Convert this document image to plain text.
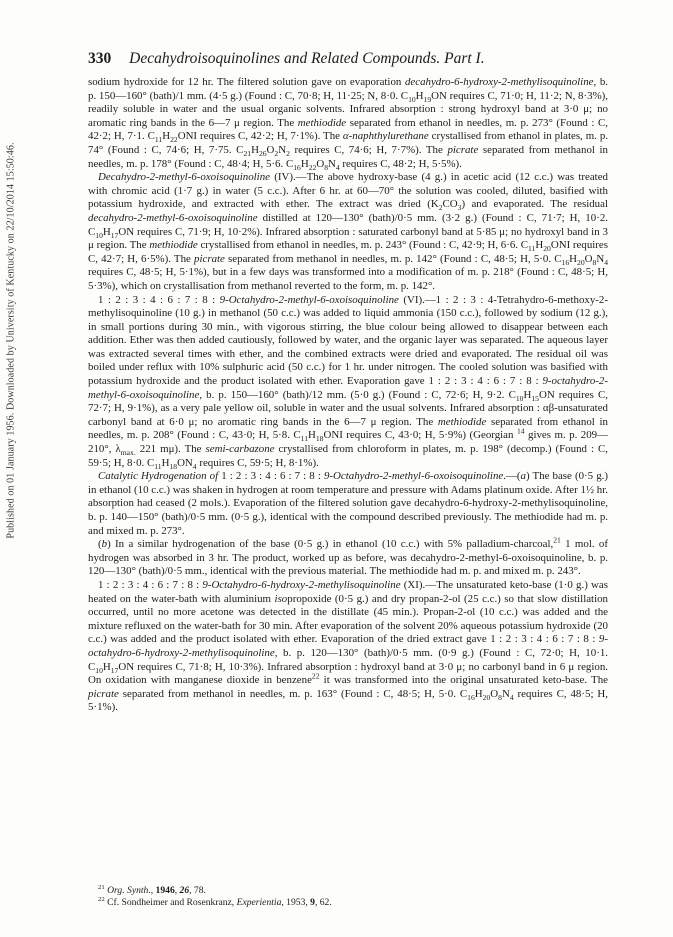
Published on 01 January 1956. Downloaded by University of Kentucky on 22/10/2014 15:50:46.
330 Decahydroisoquinolines and Related Compounds. Part I.

sodium hydroxide for 12 hr. The filtered solution gave on evaporation decahydro-6-hydroxy-2-methylisoquinoline, b. p. 150—160° (bath)/1 mm. (4·5 g.) (Found : C, 70·8; H, 11·25; N, 8·0. $C_{10}H_{19}ON$ requires C, 71·0; H, 11·2; N, 8·3%), readily soluble in water and the usual organic solvents. Infrared absorption : strong hydroxyl band at 3·0 μ; no aromatic ring bands in the 6—7 μ region. The methiodide separated from ethanol in needles, m. p. 273° (Found : C, 42·2; H, 7·1. $C_{11}H_{22}ONI$ requires C, 42·2; H, 7·1%). The α-naphthylurethane crystallised from ethanol in plates, m. p. 74° (Found : C, 74·6; H, 7·75. $C_{21}H_{26}O_2N_2$ requires C, 74·6; H, 7·7%). The picrate separated from methanol in needles, m. p. 178° (Found : C, 48·4; H, 5·6. $C_{16}H_{22}O_8N_4$ requires C, 48·2; H, 5·5%).

Decahydro-2-methyl-6-oxoisoquinoline (IV).—The above hydroxy-base (4 g.) in acetic acid (12 c.c.) was treated with chromic acid (1·7 g.) in water (5 c.c.). After 6 hr. at 60—70° the solution was cooled, diluted, basified with potassium hydroxide, and extracted with ether. The extract was dried $(K_2CO_3)$ and evaporated. The residual decahydro-2-methyl-6-oxoisoquinoline distilled at 120—130° (bath)/0·5 mm. (3·2 g.) (Found : C, 71·7; H, 10·2. $C_{10}H_{17}ON$ requires C, 71·9; H, 10·2%). Infrared absorption : saturated carbonyl band at 5·85 μ; no hydroxyl band in 3 μ region. The methiodide crystallised from ethanol in needles, m. p. 243° (Found : C, 42·9; H, 6·6. $C_{11}H_{20}ONI$ requires C, 42·7; H, 6·5%). The picrate separated from methanol in needles, m. p. 142° (Found : C, 48·5; H, 5·0. $C_{16}H_{20}O_8N_4$ requires C, 48·5; H, 5·1%), but in a few days was transformed into a modification of m. p. 218° (Found : C, 48·5; H, 5·3%), which on crystallisation from methanol reverted to the form, m. p. 142°.

1 : 2 : 3 : 4 : 6 : 7 : 8 : 9-Octahydro-2-methyl-6-oxoisoquinoline (VI).—1 : 2 : 3 : 4-Tetrahydro-6-methoxy-2-methylisoquinoline (10 g.) in methanol (50 c.c.) was added to liquid ammonia (150 c.c.), followed by sodium (12 g.), in small portions during 30 min., with vigorous stirring, the blue colour being allowed to disappear between each addition. Ether was then added cautiously, followed by water, and the organic layer was separated. The aqueous layer was extracted several times with ether, and the combined extracts were dried and evaporated. The residual oil was boiled under reflux with 10% sulphuric acid (50 c.c.) for 1 hr. under nitrogen. The cooled solution was basified with potassium hydroxide and the product isolated with ether. Evaporation gave 1 : 2 : 3 : 4 : 6 : 7 : 8 : 9-octahydro-2-methyl-6-oxoisoquinoline, b. p. 150—160° (bath)/12 mm. (5·0 g.) (Found : C, 72·6; H, 9·2. $C_{10}H_{15}ON$ requires C, 72·7; H, 9·1%), as a very pale yellow oil, soluble in water and the usual solvents. Infrared absorption : αβ-unsaturated carbonyl band at 6·0 μ; no aromatic ring bands in the 6—7 μ region. The methiodide separated from ethanol in needles, m. p. 208° (Found : C, 43·0; H, 5·8. $C_{11}H_{18}ONI$ requires C, 43·0; H, 5·9%) (Georgian $^{14}$ gives m. p. 209—210°, $\lambda_{max.}$ 221 mμ). The semi-carbazone crystallised from chloroform in plates, m. p. 198° (decomp.) (Found : C, 59·5; H, 8·0. $C_{11}H_{18}ON_4$ requires C, 59·5; H, 8·1%).

Catalytic Hydrogenation of 1 : 2 : 3 : 4 : 6 : 7 : 8 : 9-Octahydro-2-methyl-6-oxoisoquinoline.—(a) The base (0·5 g.) in ethanol (10 c.c.) was shaken in hydrogen at room temperature and pressure with Adams platinum oxide. After 1½ hr. absorption had ceased (2 mols.). Evaporation of the filtered solution gave decahydro-6-hydroxy-2-methylisoquinoline, b. p. 140—150° (bath)/0·5 mm. (0·5 g.), identical with the compound described previously. The methiodide had m. p. and mixed m. p. 273°.

(b) In a similar hydrogenation of the base (0·5 g.) in ethanol (10 c.c.) with 5% palladium-charcoal,$^{21}$ 1 mol. of hydrogen was absorbed in 3 hr. The product, worked up as before, was decahydro-2-methyl-6-oxoisoquinoline, b. p. 120—130° (bath)/0·5 mm., identical with the previous material. The methiodide had m. p. and mixed m. p. 243°.

1 : 2 : 3 : 4 : 6 : 7 : 8 : 9-Octahydro-6-hydroxy-2-methylisoquinoline (XI).—The unsaturated keto-base (1·0 g.) was heated on the water-bath with aluminium isopropoxide (0·5 g.) and dry propan-2-ol (25 c.c.) so that slow distillation occurred, until no more acetone was detected in the distillate (45 min.). Propan-2-ol (10 c.c.) was added and the mixture refluxed on the water-bath for 30 min. After evaporation of the solvent 20% aqueous potassium hydroxide (20 c.c.) was added and the product isolated with ether. Evaporation of the dried extract gave 1 : 2 : 3 : 4 : 6 : 7 : 8 : 9-octahydro-6-hydroxy-2-methylisoquinoline, b. p. 120—130° (bath)/0·5 mm. (0·9 g.) (Found : C, 72·0; H, 10·1. $C_{10}H_{17}ON$ requires C, 71·8; H, 10·3%). Infrared absorption : hydroxyl band at 3·0 μ; no carbonyl band in 6 μ region. On oxidation with manganese dioxide in benzene$^{22}$ it was transformed into the original unsaturated keto-base. The picrate separated from methanol in needles, m. p. 163° (Found : C, 48·5; H, 5·0. $C_{16}H_{20}O_8N_4$ requires C, 48·5; H, 5·1%).

$^{21}$ Org. Synth., 1946, 26, 78.
$^{22}$ Cf. Sondheimer and Rosenkranz, Experientia, 1953, 9, 62.
